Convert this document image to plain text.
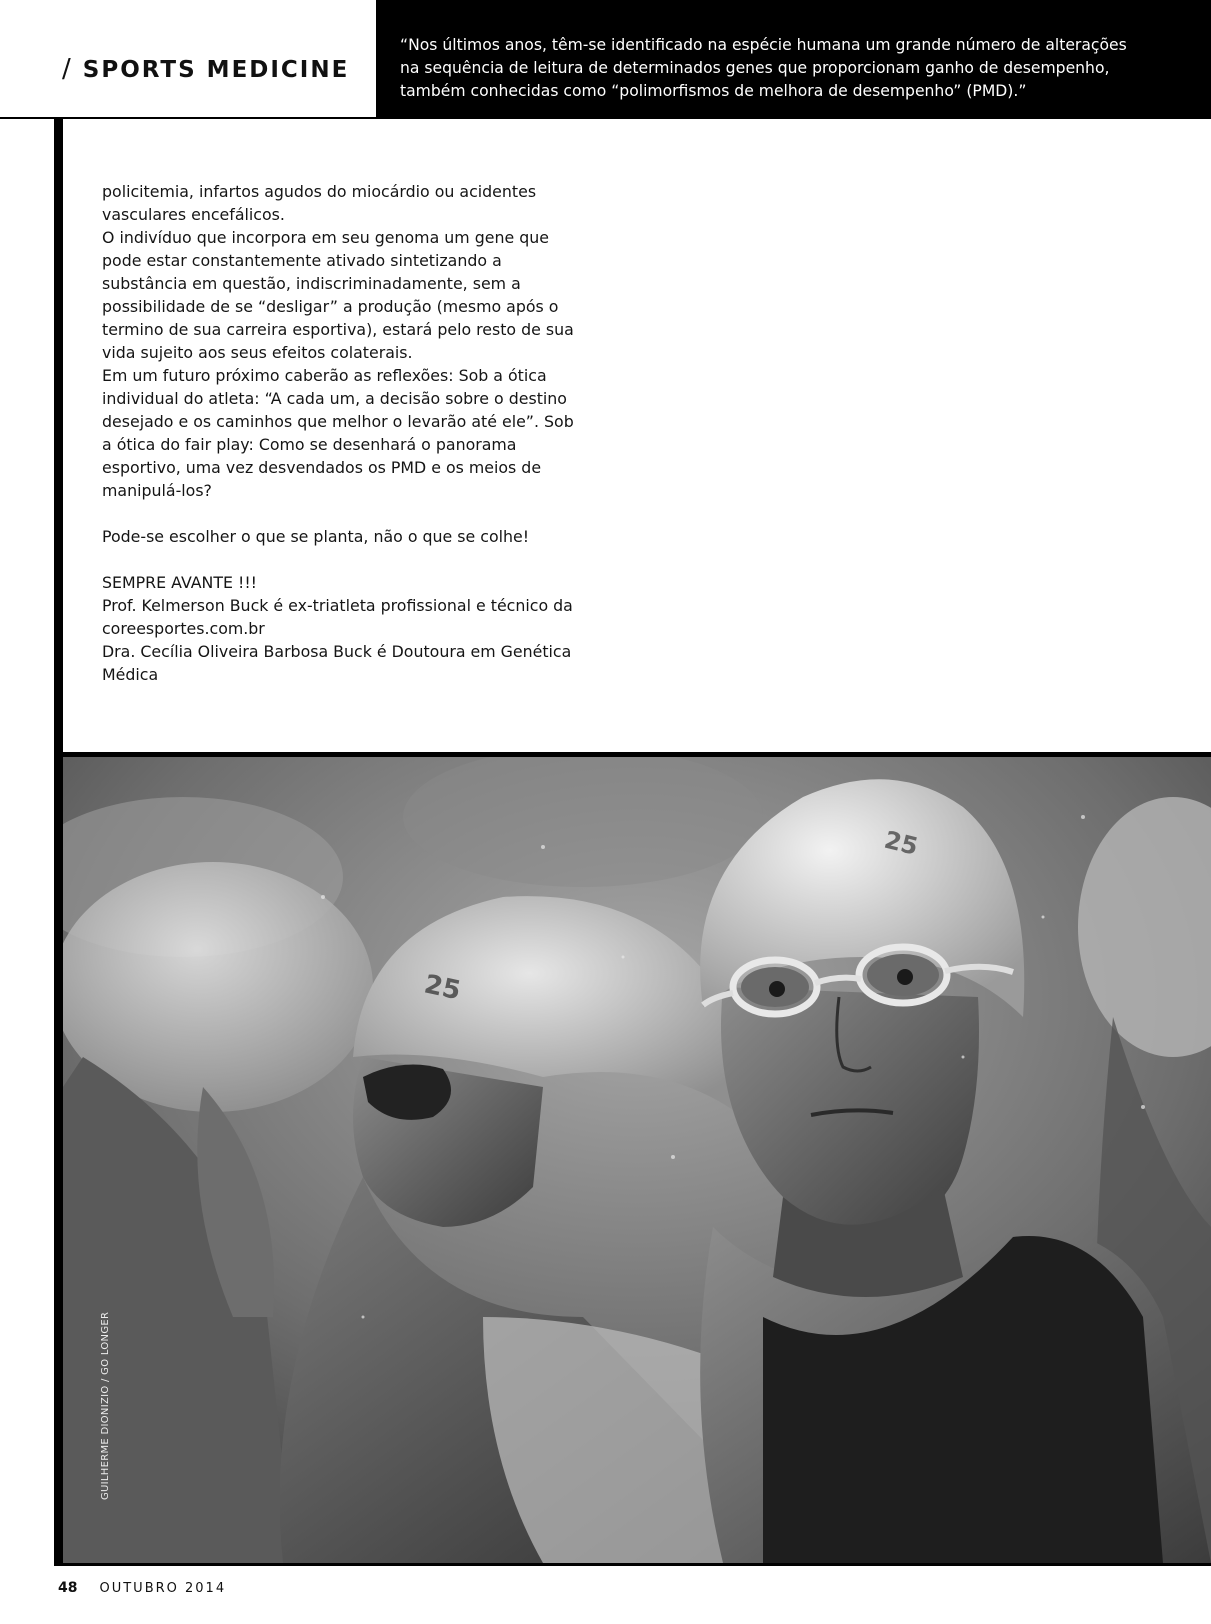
/ SPORTS MEDICINE
“Nos últimos anos, têm-se identificado na espécie humana um grande número de alterações
na sequência de leitura de determinados genes que proporcionam ganho de desempenho,
também conhecidas como “polimorfismos de melhora de desempenho” (PMD).”

policitemia, infartos agudos do miocárdio ou acidentes vasculares encefálicos.

O indivíduo que incorpora em seu genoma um gene que pode estar constantemente ativado sintetizando a substância em questão, indiscriminadamente, sem a possibilidade de se “desligar” a produção (mesmo após o termino de sua carreira esportiva), estará pelo resto de sua vida sujeito aos seus efeitos colaterais.

Em um futuro próximo caberão as reflexões: Sob a ótica individual do atleta: “A cada um, a decisão sobre o destino desejado e os caminhos que melhor o levarão até ele”. Sob a ótica do fair play: Como se desenhará o panorama esportivo, uma vez desvendados os PMD e os meios de manipulá-los?

Pode-se escolher o que se planta, não o que se colhe!

SEMPRE AVANTE !!!

Prof. Kelmerson Buck é ex-triatleta profissional e técnico da coreesportes.com.br

Dra. Cecília Oliveira Barbosa Buck é Doutoura em Genética Médica

25
25
GUILHERME DIONIZIO / GO LONGER
48 OUTUBRO 2014
